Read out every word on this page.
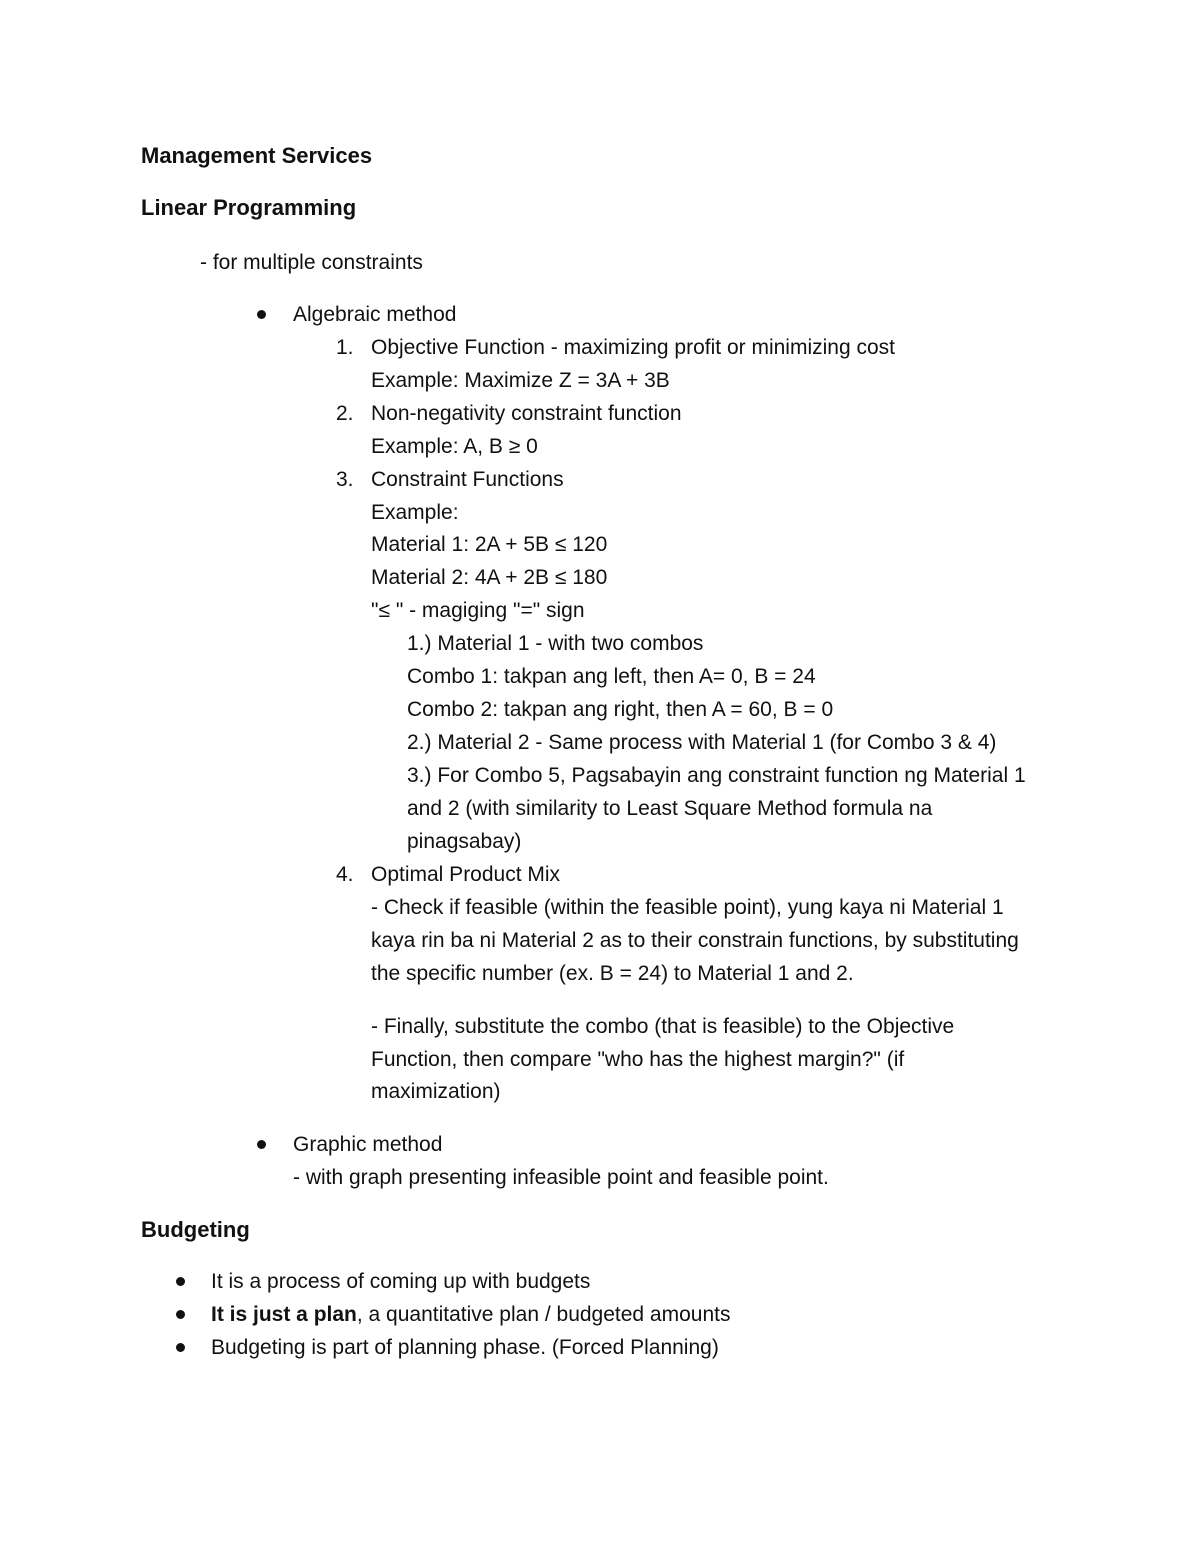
Management Services
Linear Programming
- for multiple constraints
Algebraic method
1. Objective Function - maximizing profit or minimizing cost
Example: Maximize Z = 3A + 3B
2. Non-negativity constraint function
Example: A, B ≥ 0
3. Constraint Functions
Example:
Material 1: 2A + 5B ≤ 120
Material 2: 4A + 2B ≤ 180
"≤ " - magiging "=" sign
1.) Material 1 - with two combos
Combo 1: takpan ang left, then A= 0, B = 24
Combo 2: takpan ang right, then A = 60, B = 0
2.) Material 2 - Same process with Material 1 (for Combo 3 & 4)
3.) For Combo 5, Pagsabayin ang constraint function ng Material 1
and 2 (with similarity to Least Square Method formula na
pinagsabay)
4. Optimal Product Mix
- Check if feasible (within the feasible point), yung kaya ni Material 1
kaya rin ba ni Material 2 as to their constrain functions, by substituting
the specific number (ex. B = 24) to Material 1 and 2.
- Finally, substitute the combo (that is feasible) to the Objective
Function, then compare "who has the highest margin?" (if
maximization)
Graphic method
- with graph presenting infeasible point and feasible point.
Budgeting
It is a process of coming up with budgets
It is just a plan, a quantitative plan / budgeted amounts
Budgeting is part of planning phase. (Forced Planning)
